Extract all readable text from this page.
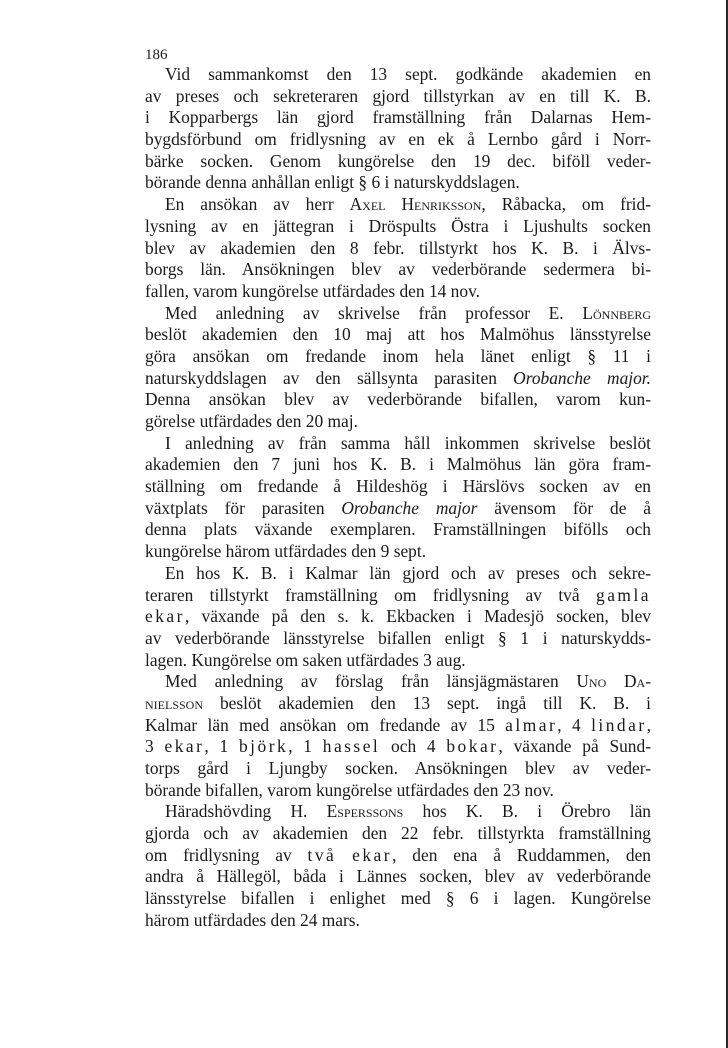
186
Vid sammankomst den 13 sept. godkände akademien en
av preses och sekreteraren gjord tillstyrkan av en till K. B.
i Kopparbergs län gjord framställning från Dalarnas Hem-
bygdsförbund om fridlysning av en ek å Lernbo gård i Norr-
bärke socken. Genom kungörelse den 19 dec. biföll veder-
börande denna anhållan enligt § 6 i naturskyddslagen.
En ansökan av herr Axel Henriksson, Råbacka, om frid-
lysning av en jättegran i Dröspults Östra i Ljushults socken
blev av akademien den 8 febr. tillstyrkt hos K. B. i Älvs-
borgs län. Ansökningen blev av vederbörande sedermera bi-
fallen, varom kungörelse utfärdades den 14 nov.
Med anledning av skrivelse från professor E. Lönnberg
beslöt akademien den 10 maj att hos Malmöhus länsstyrelse
göra ansökan om fredande inom hela länet enligt § 11 i
naturskyddslagen av den sällsynta parasiten Orobanche major.
Denna ansökan blev av vederbörande bifallen, varom kun-
görelse utfärdades den 20 maj.
I anledning av från samma håll inkommen skrivelse beslöt
akademien den 7 juni hos K. B. i Malmöhus län göra fram-
ställning om fredande å Hildeshög i Härslövs socken av en
växtplats för parasiten Orobanche major ävensom för de å
denna plats växande exemplaren. Framställningen bifölls och
kungörelse härom utfärdades den 9 sept.
En hos K. B. i Kalmar län gjord och av preses och sekre-
teraren tillstyrkt framställning om fridlysning av två gamla
ekar, växande på den s. k. Ekbacken i Madesjö socken, blev
av vederbörande länsstyrelse bifallen enligt § 1 i naturskydds-
lagen. Kungörelse om saken utfärdades 3 aug.
Med anledning av förslag från länsjägmästaren Uno Da-
nielsson beslöt akademien den 13 sept. ingå till K. B. i
Kalmar län med ansökan om fredande av 15 almar, 4 lindar,
3 ekar, 1 björk, 1 hassel och 4 bokar, växande på Sund-
torps gård i Ljungby socken. Ansökningen blev av veder-
börande bifallen, varom kungörelse utfärdades den 23 nov.
Häradshövding H. Esperssons hos K. B. i Örebro län
gjorda och av akademien den 22 febr. tillstyrkta framställning
om fridlysning av två ekar, den ena å Ruddammen, den
andra å Hällegöl, båda i Lännes socken, blev av vederbörande
länsstyrelse bifallen i enlighet med § 6 i lagen. Kungörelse
härom utfärdades den 24 mars.
